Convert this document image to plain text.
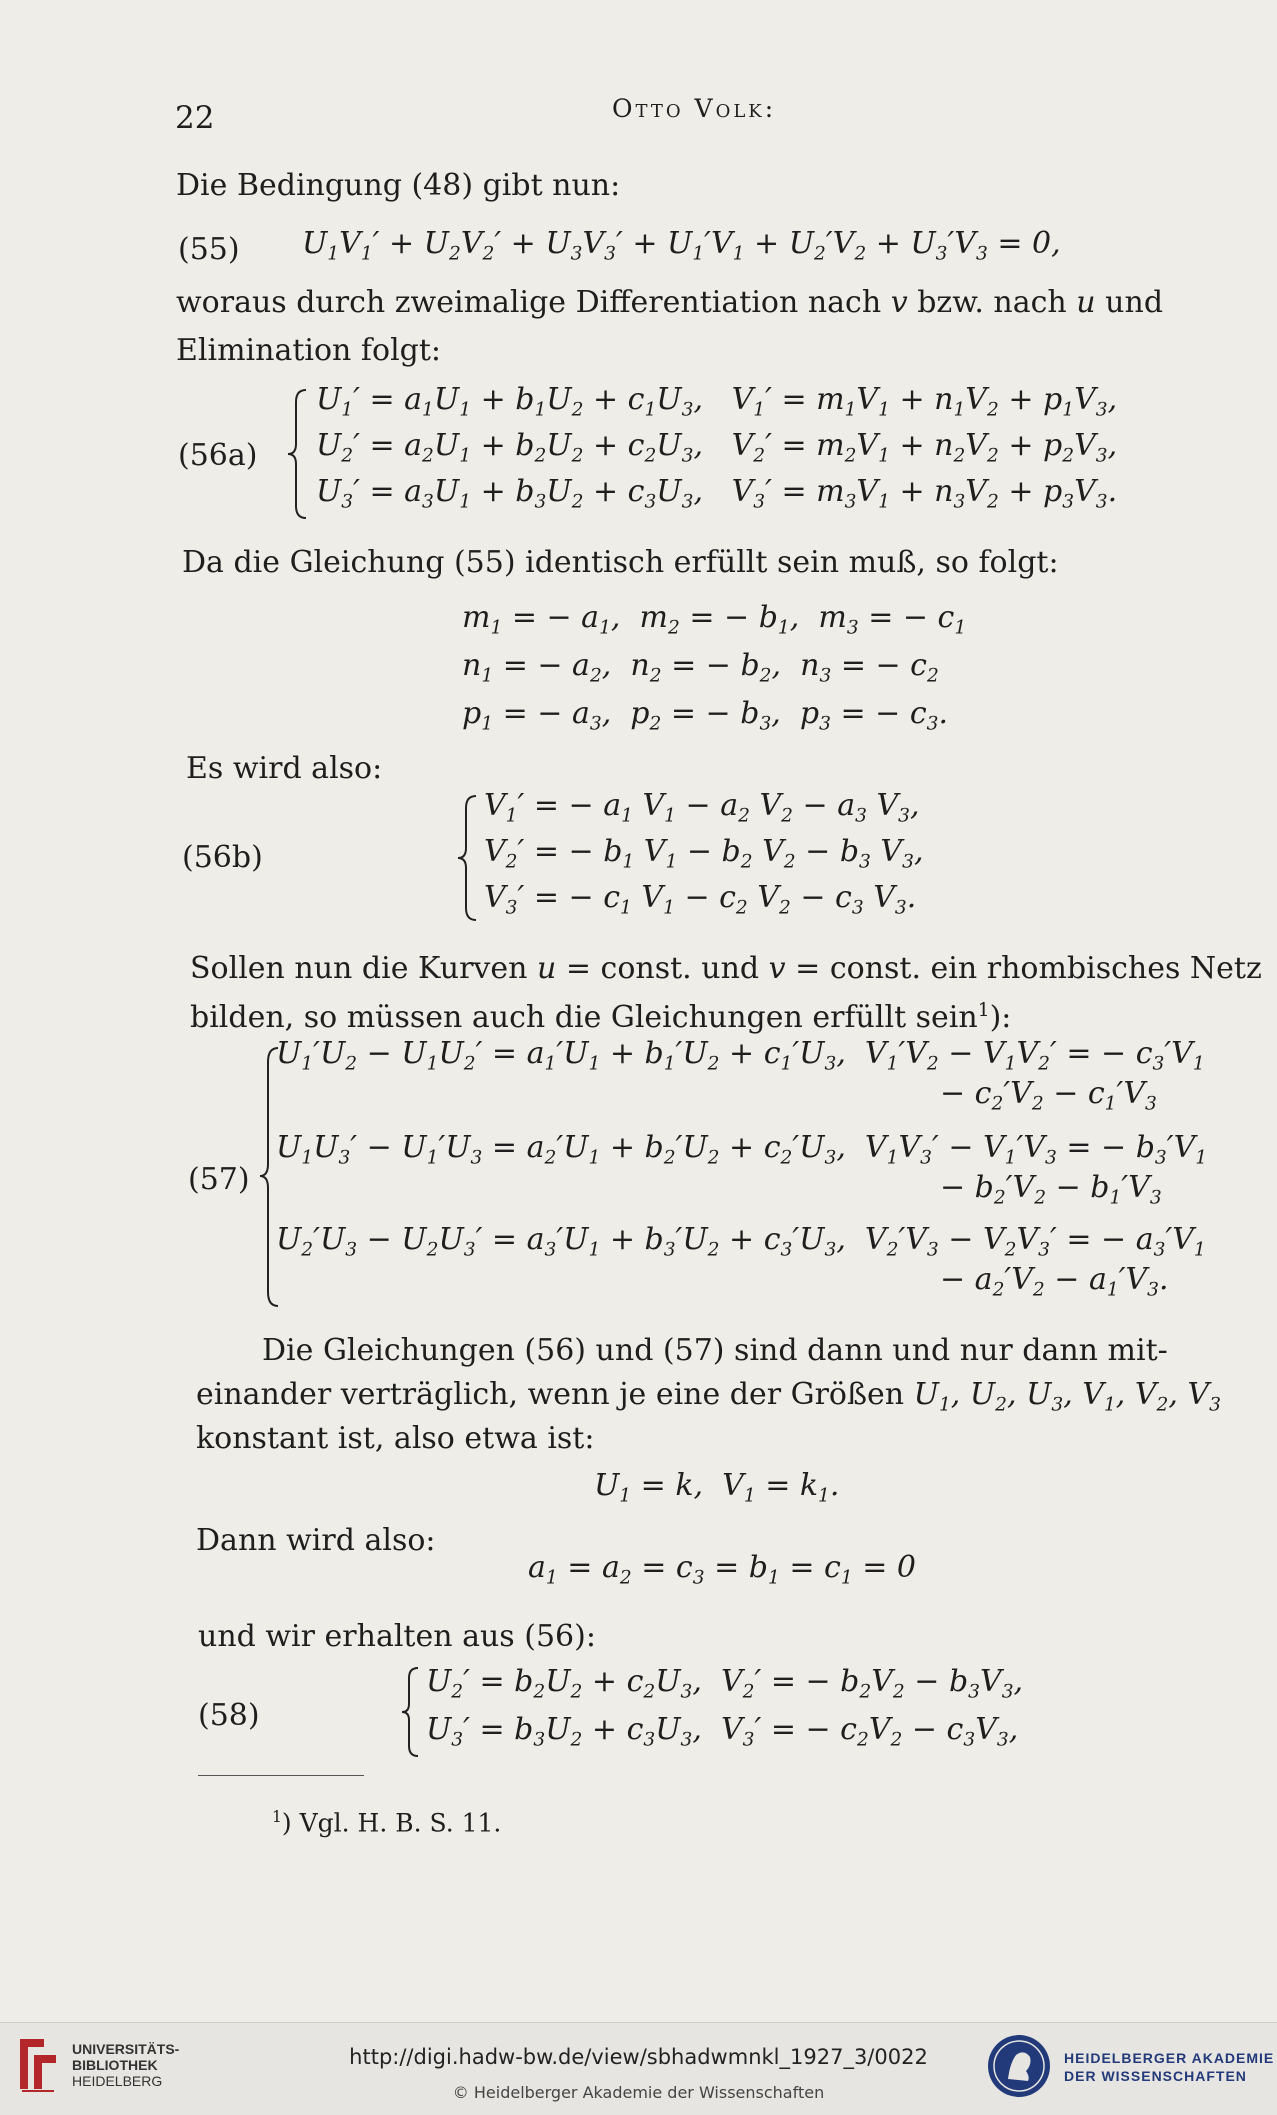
22	Otto Volk:
Die Bedingung (48) gibt nun:
(55) $U_1V_1' + U_2V_2' + U_3V_3' + U_1'V_1 + U_2'V_2 + U_3'V_3 = 0$,
woraus durch zweimalige Differentiation nach v bzw. nach u und
Elimination folgt:
(56a)
$U_1' = a_1U_1 + b_1U_2 + c_1U_3$,   $V_1' = m_1V_1 + n_1V_2 + p_1V_3$,
$U_2' = a_2U_1 + b_2U_2 + c_2U_3$,   $V_2' = m_2V_1 + n_2V_2 + p_2V_3$,
$U_3' = a_3U_1 + b_3U_2 + c_3U_3$,   $V_3' = m_3V_1 + n_3V_2 + p_3V_3$.
Da die Gleichung (55) identisch erfüllt sein muß, so folgt:
$m_1$ = − $a_1$,  $m_2$ = − $b_1$,  $m_3$ = − $c_1$
$n_1$ = − $a_2$,  $n_2$ = − $b_2$,  $n_3$ = − $c_2$
$p_1$ = − $a_3$,  $p_2$ = − $b_3$,  $p_3$ = − $c_3$.
Es wird also:
(56b)
$V_1'$ = − $a_1$ $V_1 - a_2$ $V_2 - a_3$ $V_3$,
$V_2'$ = − $b_1$ $V_1 - b_2$ $V_2 - b_3$ $V_3$,
$V_3'$ = − $c_1$ $V_1 - c_2$ $V_2 - c_3$ $V_3$.
Sollen nun die Kurven u = const. und v = const. ein rhombisches Netz
bilden, so müssen auch die Gleichungen erfüllt sein$^1$):
(57)
$U_1'U_2 - U_1U_2' = a_1'U_1 + b_1'U_2 + c_1'U_3$,  $V_1'V_2 - V_1V_2'$ = − $c_3'V_1$
− $c_2'V_2 - c_1'V_3$
$U_1U_3' - U_1'U_3 = a_2'U_1 + b_2'U_2 + c_2'U_3$,  $V_1V_3' - V_1'V_3$ = − $b_3'V_1$
− $b_2'V_2 - b_1'V_3$
$U_2'U_3 - U_2U_3' = a_3'U_1 + b_3'U_2 + c_3'U_3$,  $V_2'V_3 - V_2V_3'$ = − $a_3'V_1$
− $a_2'V_2 - a_1'V_3$.
Die Gleichungen (56) und (57) sind dann und nur dann mit-
einander verträglich, wenn je eine der Größen $U_1$, $U_2$, $U_3$, $V_1$, $V_2$, $V_3$
konstant ist, also etwa ist:
$U_1 = k$,  $V_1 = k_1$.
Dann wird also:
$a_1 = a_2 = c_3 = b_1 = c_1 = 0$
und wir erhalten aus (56):
(58)
$U_2' = b_2U_2 + c_2U_3$,  $V_2'$ = − $b_2V_2 - b_3V_3$,
$U_3' = b_3U_2 + c_3U_3$,  $V_3'$ = − $c_2V_2 - c_3V_3$,
$^1$) Vgl. H. B. S. 11.
UNIVERSITÄTS-
BIBLIOTHEK
HEIDELBERG
http://digi.hadw-bw.de/view/sbhadwmnkl_1927_3/0022
© Heidelberger Akademie der Wissenschaften
HEIDELBERGER AKADEMIE
DER WISSENSCHAFTEN
